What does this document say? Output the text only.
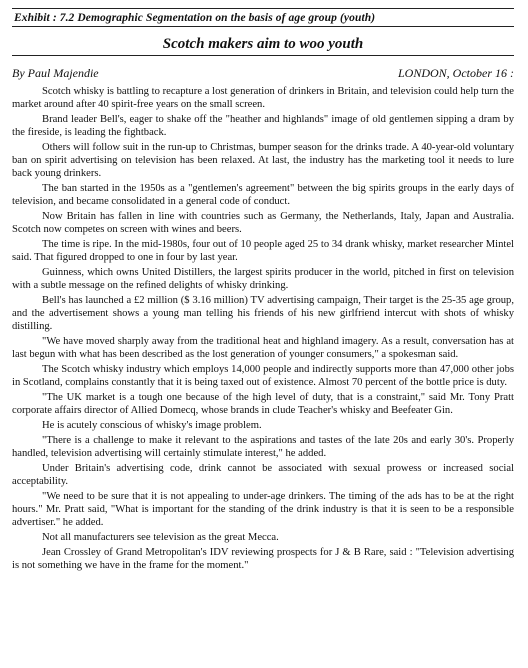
Exhibit : 7.2 Demographic Segmentation on the basis of age group (youth)
Scotch makers aim to woo youth
By Paul Majendie	LONDON, October 16 :

Scotch whisky is battling to recapture a lost generation of drinkers in Britain, and television could help turn the market around after 40 spirit-free years on the small screen.

Brand leader Bell's, eager to shake off the "heather and highlands" image of old gentlemen sipping a dram by the fireside, is leading the fightback.

Others will follow suit in the run-up to Christmas, bumper season for the drinks trade. A 40-year-old voluntary ban on spirit advertising on television has been relaxed. At last, the industry has the marketing tool it needs to lure back young drinkers.

The ban started in the 1950s as a "gentlemen's agreement" between the big spirits groups in the early days of television, and became consolidated in a general code of conduct.

Now Britain has fallen in line with countries such as Germany, the Netherlands, Italy, Japan and Australia. Scotch now competes on screen with wines and beers.

The time is ripe. In the mid-1980s, four out of 10 people aged 25 to 34 drank whisky, market researcher Mintel said. That figured dropped to one in four by last year.

Guinness, which owns United Distillers, the largest spirits producer in the world, pitched in first on television with a subtle message on the refined delights of whisky drinking.

Bell's has launched a £2 million ($ 3.16 million) TV advertising campaign, Their target is the 25-35 age group, and the advertisement shows a young man telling his friends of his new girlfriend intercut with shots of whisky distilling.

"We have moved sharply away from the traditional heat and highland imagery. As a result, conversation has at last begun with what has been described as the lost generation of younger consumers," a spokesman said.

The Scotch whisky industry which employs 14,000 people and indirectly supports more than 47,000 other jobs in Scotland, complains constantly that it is being taxed out of existence. Almost 70 percent of the bottle price is duty.

"The UK market is a tough one because of the high level of duty, that is a constraint," said Mr. Tony Pratt corporate affairs director of Allied Domecq, whose brands in clude Teacher's whisky and Beefeater Gin.

He is acutely conscious of whisky's image problem.

"There is a challenge to make it relevant to the aspirations and tastes of the late 20s and early 30's. Properly handled, television advertising will certainly stimulate interest," he added.

Under Britain's advertising code, drink cannot be associated with sexual prowess or increased social acceptability.

"We need to be sure that it is not appealing to under-age drinkers. The timing of the ads has to be at the right hours." Mr. Pratt said, "What is important for the standing of the drink industry is that it is seen to be a responsible advertiser." he added.

Not all manufacturers see television as the great Mecca.

Jean Crossley of Grand Metropolitan's IDV reviewing prospects for J & B Rare, said : "Television advertising is not something we have in the frame for the moment."
